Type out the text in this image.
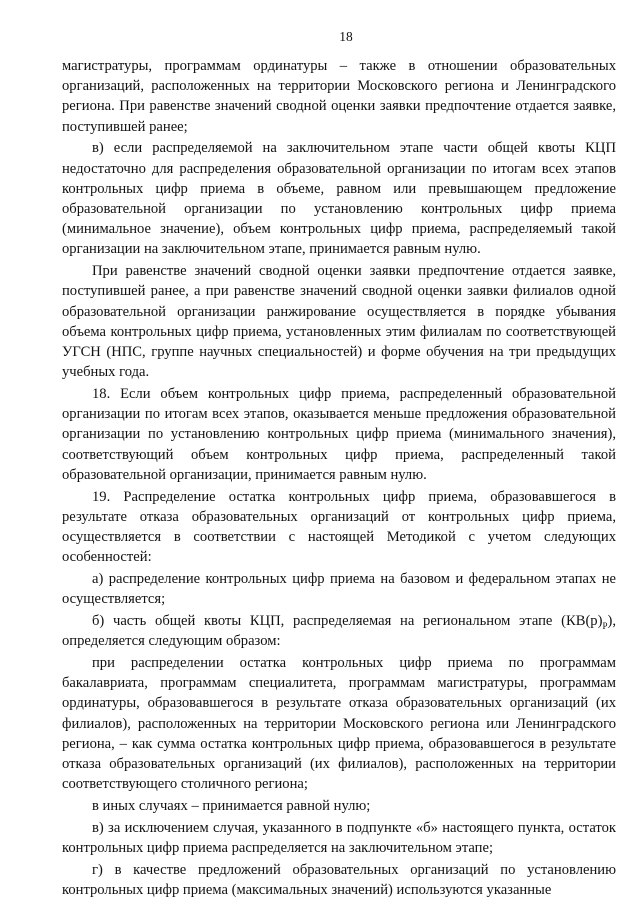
18

магистратуры, программам ординатуры – также в отношении образовательных организаций, расположенных на территории Московского региона и Ленинградского региона. При равенстве значений сводной оценки заявки предпочтение отдается заявке, поступившей ранее;

в) если распределяемой на заключительном этапе части общей квоты КЦП недостаточно для распределения образовательной организации по итогам всех этапов контрольных цифр приема в объеме, равном или превышающем предложение образовательной организации по установлению контрольных цифр приема (минимальное значение), объем контрольных цифр приема, распределяемый такой организации на заключительном этапе, принимается равным нулю.

При равенстве значений сводной оценки заявки предпочтение отдается заявке, поступившей ранее, а при равенстве значений сводной оценки заявки филиалов одной образовательной организации ранжирование осуществляется в порядке убывания объема контрольных цифр приема, установленных этим филиалам по соответствующей УГСН (НПС, группе научных специальностей) и форме обучения на три предыдущих учебных года.

18. Если объем контрольных цифр приема, распределенный образовательной организации по итогам всех этапов, оказывается меньше предложения образовательной организации по установлению контрольных цифр приема (минимального значения), соответствующий объем контрольных цифр приема, распределенный такой образовательной организации, принимается равным нулю.

19. Распределение остатка контрольных цифр приема, образовавшегося в результате отказа образовательных организаций от контрольных цифр приема, осуществляется в соответствии с настоящей Методикой с учетом следующих особенностей:

а) распределение контрольных цифр приема на базовом и федеральном этапах не осуществляется;

б) часть общей квоты КЦП, распределяемая на региональном этапе $(КВ(р)_Р)$, определяется следующим образом:

при распределении остатка контрольных цифр приема по программам бакалавриата, программам специалитета, программам магистратуры, программам ординатуры, образовавшегося в результате отказа образовательных организаций (их филиалов), расположенных на территории Московского региона или Ленинградского региона, – как сумма остатка контрольных цифр приема, образовавшегося в результате отказа образовательных организаций (их филиалов), расположенных на территории соответствующего столичного региона;

в иных случаях – принимается равной нулю;

в) за исключением случая, указанного в подпункте «б» настоящего пункта, остаток контрольных цифр приема распределяется на заключительном этапе;

г) в качестве предложений образовательных организаций по установлению контрольных цифр приема (максимальных значений) используются указанные
